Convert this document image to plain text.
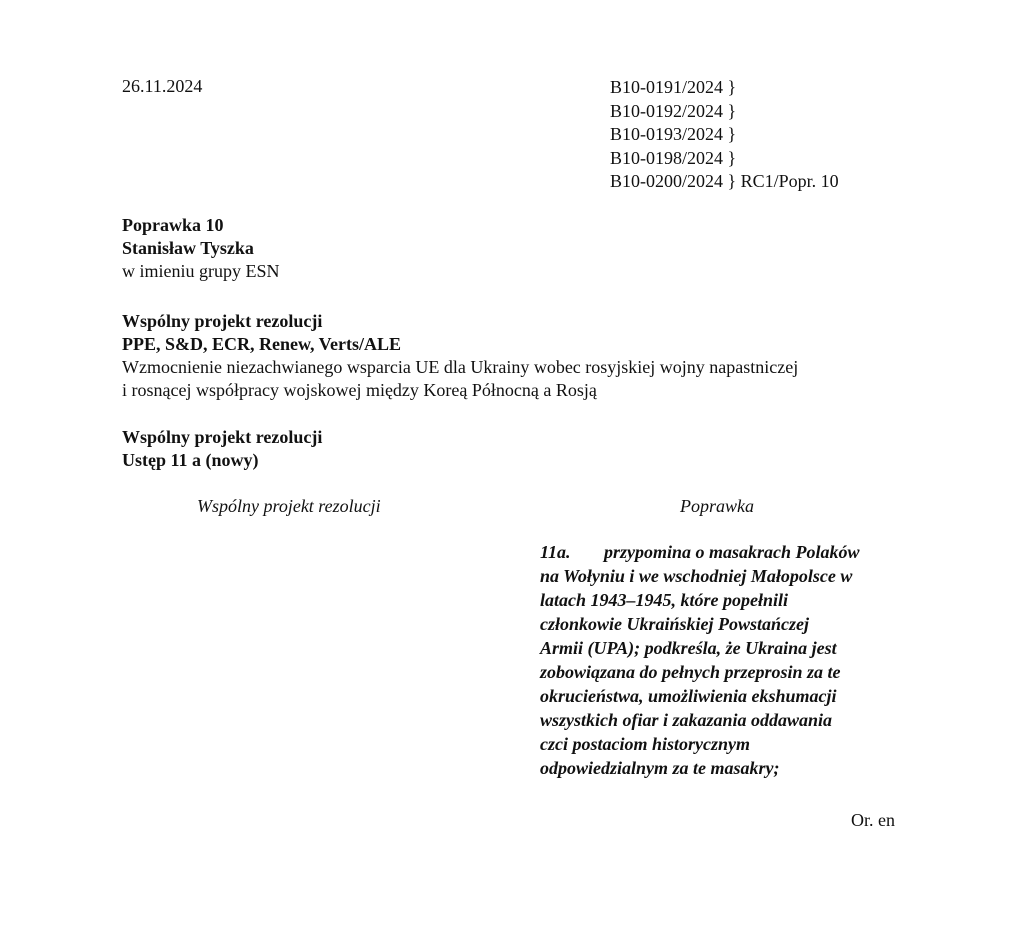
26.11.2024	B10-0191/2024 }
B10-0192/2024 }
B10-0193/2024 }
B10-0198/2024 }
B10-0200/2024 } RC1/Popr. 10
Poprawka 10
Stanisław Tyszka
w imieniu grupy ESN
Wspólny projekt rezolucji
PPE, S&D, ECR, Renew, Verts/ALE
Wzmocnienie niezachwianego wsparcia UE dla Ukrainy wobec rosyjskiej wojny napastniczej
i rosnącej współpracy wojskowej między Koreą Północną a Rosją
Wspólny projekt rezolucji
Ustęp 11 a (nowy)
Wspólny projekt rezolucji	Poprawka
11a. przypomina o masakrach Polaków
na Wołyniu i we wschodniej Małopolsce w
latach 1943–1945, które popełnili
członkowie Ukraińskiej Powstańczej
Armii (UPA); podkreśla, że Ukraina jest
zobowiązana do pełnych przeprosin za te
okrucieństwa, umożliwienia ekshumacji
wszystkich ofiar i zakazania oddawania
czci postaciom historycznym
odpowiedzialnym za te masakry;
Or. en
